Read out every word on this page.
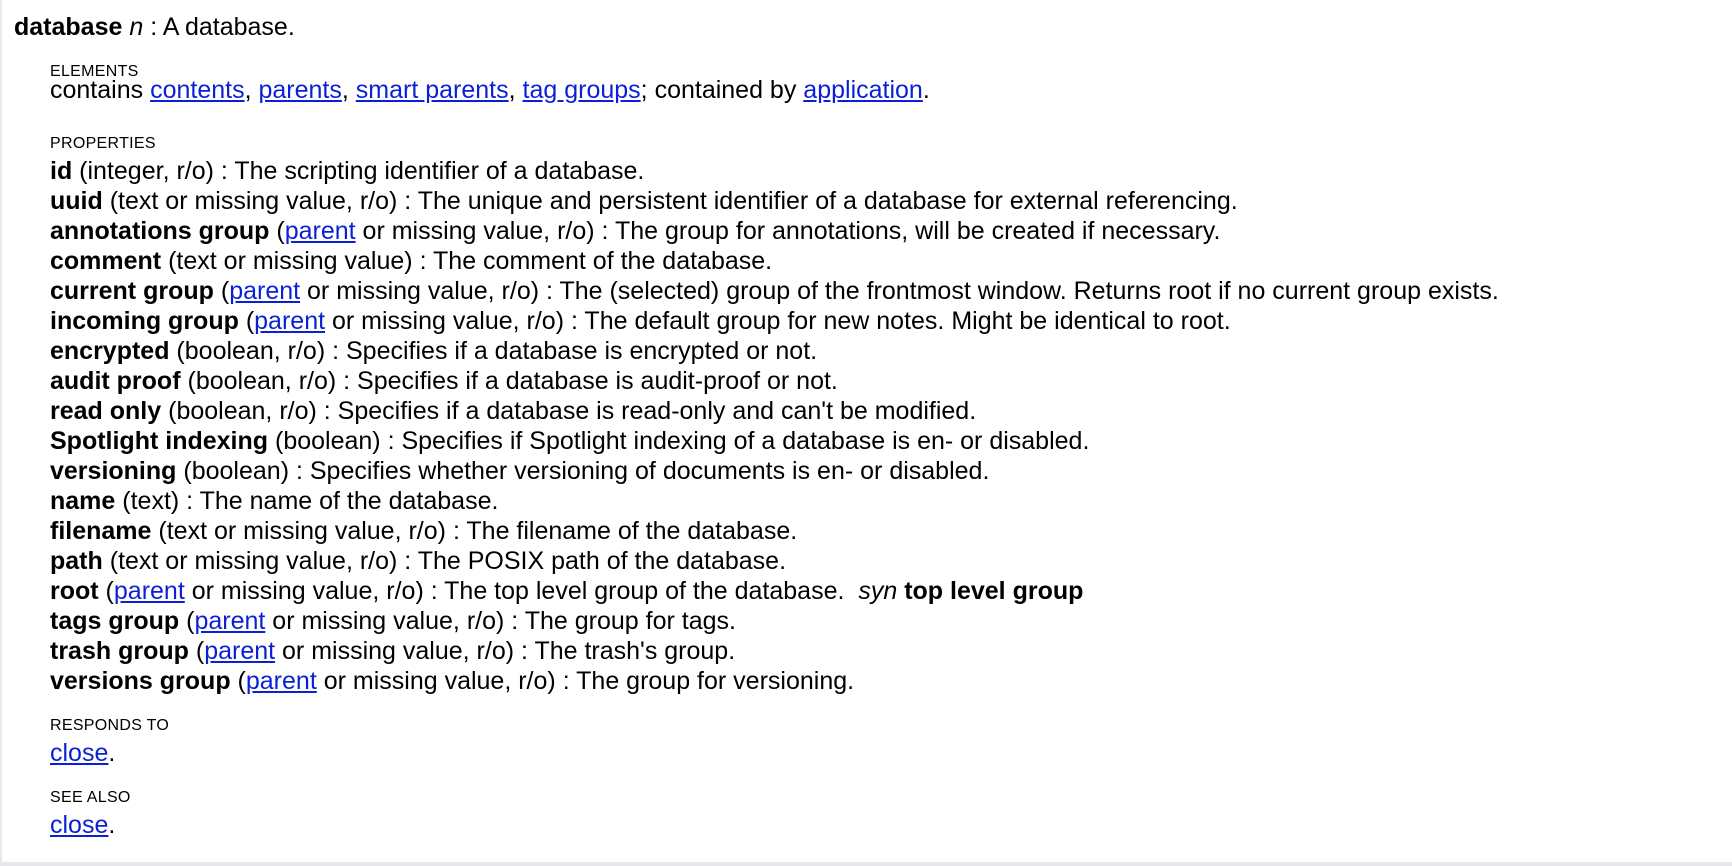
database n : A database.
ELEMENTS
contains contents, parents, smart parents, tag groups; contained by application.
PROPERTIES
id (integer, r/o) : The scripting identifier of a database.
uuid (text or missing value, r/o) : The unique and persistent identifier of a database for external referencing.
annotations group (parent or missing value, r/o) : The group for annotations, will be created if necessary.
comment (text or missing value) : The comment of the database.
current group (parent or missing value, r/o) : The (selected) group of the frontmost window. Returns root if no current group exists.
incoming group (parent or missing value, r/o) : The default group for new notes. Might be identical to root.
encrypted (boolean, r/o) : Specifies if a database is encrypted or not.
audit proof (boolean, r/o) : Specifies if a database is audit-proof or not.
read only (boolean, r/o) : Specifies if a database is read-only and can't be modified.
Spotlight indexing (boolean) : Specifies if Spotlight indexing of a database is en- or disabled.
versioning (boolean) : Specifies whether versioning of documents is en- or disabled.
name (text) : The name of the database.
filename (text or missing value, r/o) : The filename of the database.
path (text or missing value, r/o) : The POSIX path of the database.
root (parent or missing value, r/o) : The top level group of the database. syn top level group
tags group (parent or missing value, r/o) : The group for tags.
trash group (parent or missing value, r/o) : The trash's group.
versions group (parent or missing value, r/o) : The group for versioning.
RESPONDS TO
close.
SEE ALSO
close.
